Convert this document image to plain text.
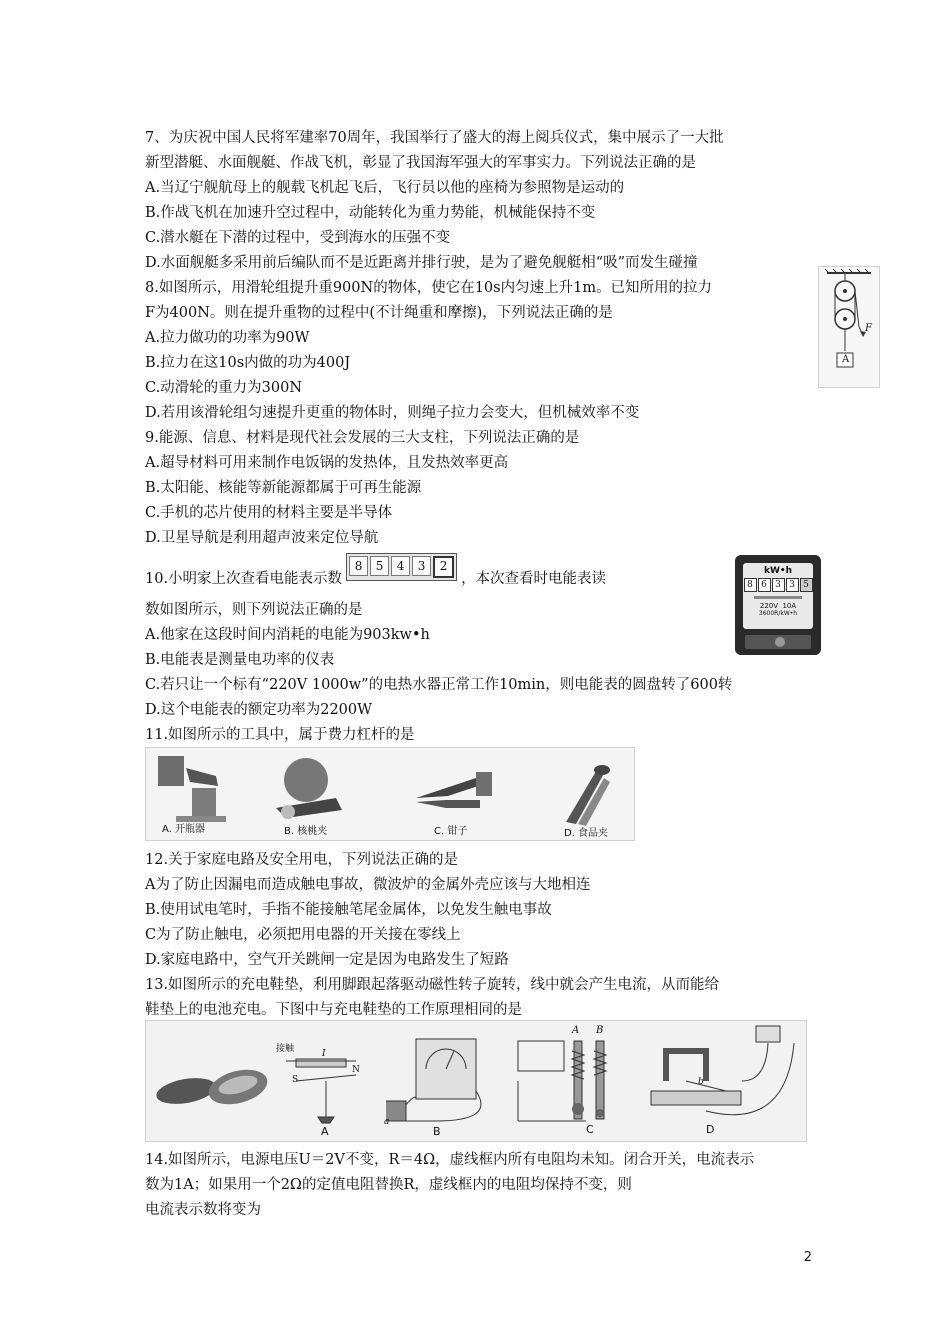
7、为庆祝中国人民将军建率70周年，我国举行了盛大的海上阅兵仪式，集中展示了一大批
新型潜艇、水面舰艇、作战飞机，彰显了我国海军强大的军事实力。下列说法正确的是
A.当辽宁舰航母上的舰载飞机起飞后，飞行员以他的座椅为参照物是运动的
B.作战飞机在加速升空过程中，动能转化为重力势能，机械能保持不变
C.潜水艇在下潜的过程中，受到海水的压强不变
D.水面舰艇多采用前后编队而不是近距离并排行驶，是为了避免舰艇相“吸”而发生碰撞
8.如图所示，用滑轮组提升重900N的物体，使它在10s内匀速上升1m。已知所用的拉力
F为400N。则在提升重物的过程中(不计绳重和摩擦)，下列说法正确的是
A.拉力做功的功率为90W
B.拉力在这10s内做的功为400J
C.动滑轮的重力为300N
D.若用该滑轮组匀速提升更重的物体时，则绳子拉力会变大，但机械效率不变
F
A
9.能源、信息、材料是现代社会发展的三大支柱，下列说法正确的是
A.超导材料可用来制作电饭锅的发热体，且发热效率更高
B.太阳能、核能等新能源都属于可再生能源
C.手机的芯片使用的材料主要是半导体
D.卫星导航是利用超声波来定位导航
10.小明家上次查看电能表示数
8	5	4	3	2
，本次查看时电能表读
数如图所示，则下列说法正确的是
A.他家在这段时间内消耗的电能为903kw•h
B.电能表是测量电功率的仪表
C.若只让一个标有“220V 1000w”的电热水器正常工作10min，则电能表的圆盘转了600转
D.这个电能表的额定功率为2200W
kW•h
8 6 3 3 5
220V  10A
3600R/kW•h
11.如图所示的工具中，属于费力杠杆的是
A. 开瓶器	B. 核桃夹	C. 钳子	D. 食品夹
12.关于家庭电路及安全用电，下列说法正确的是
A为了防止因漏电而造成触电事故，微波炉的金属外壳应该与大地相连
B.使用试电笔时，手指不能接触笔尾金属体，以免发生触电事故
C为了防止触电，必须把用电器的开关接在零线上
D.家庭电路中，空气开关跳闸一定是因为电路发生了短路
13.如图所示的充电鞋垫，利用脚跟起落驱动磁性转子旋转，线中就会产生电流，从而能给
鞋垫上的电池充电。下图中与充电鞋垫的工作原理相同的是
A	B	C	D
接触
A B
N
S
I
a
b
14.如图所示，电源电压U＝2V不变，R＝4Ω，虚线框内所有电阻均未知。闭合开关，电流表示
数为1A；如果用一个2Ω的定值电阻替换R，虚线框内的电阻均保持不变，则
电流表示数将变为
2
